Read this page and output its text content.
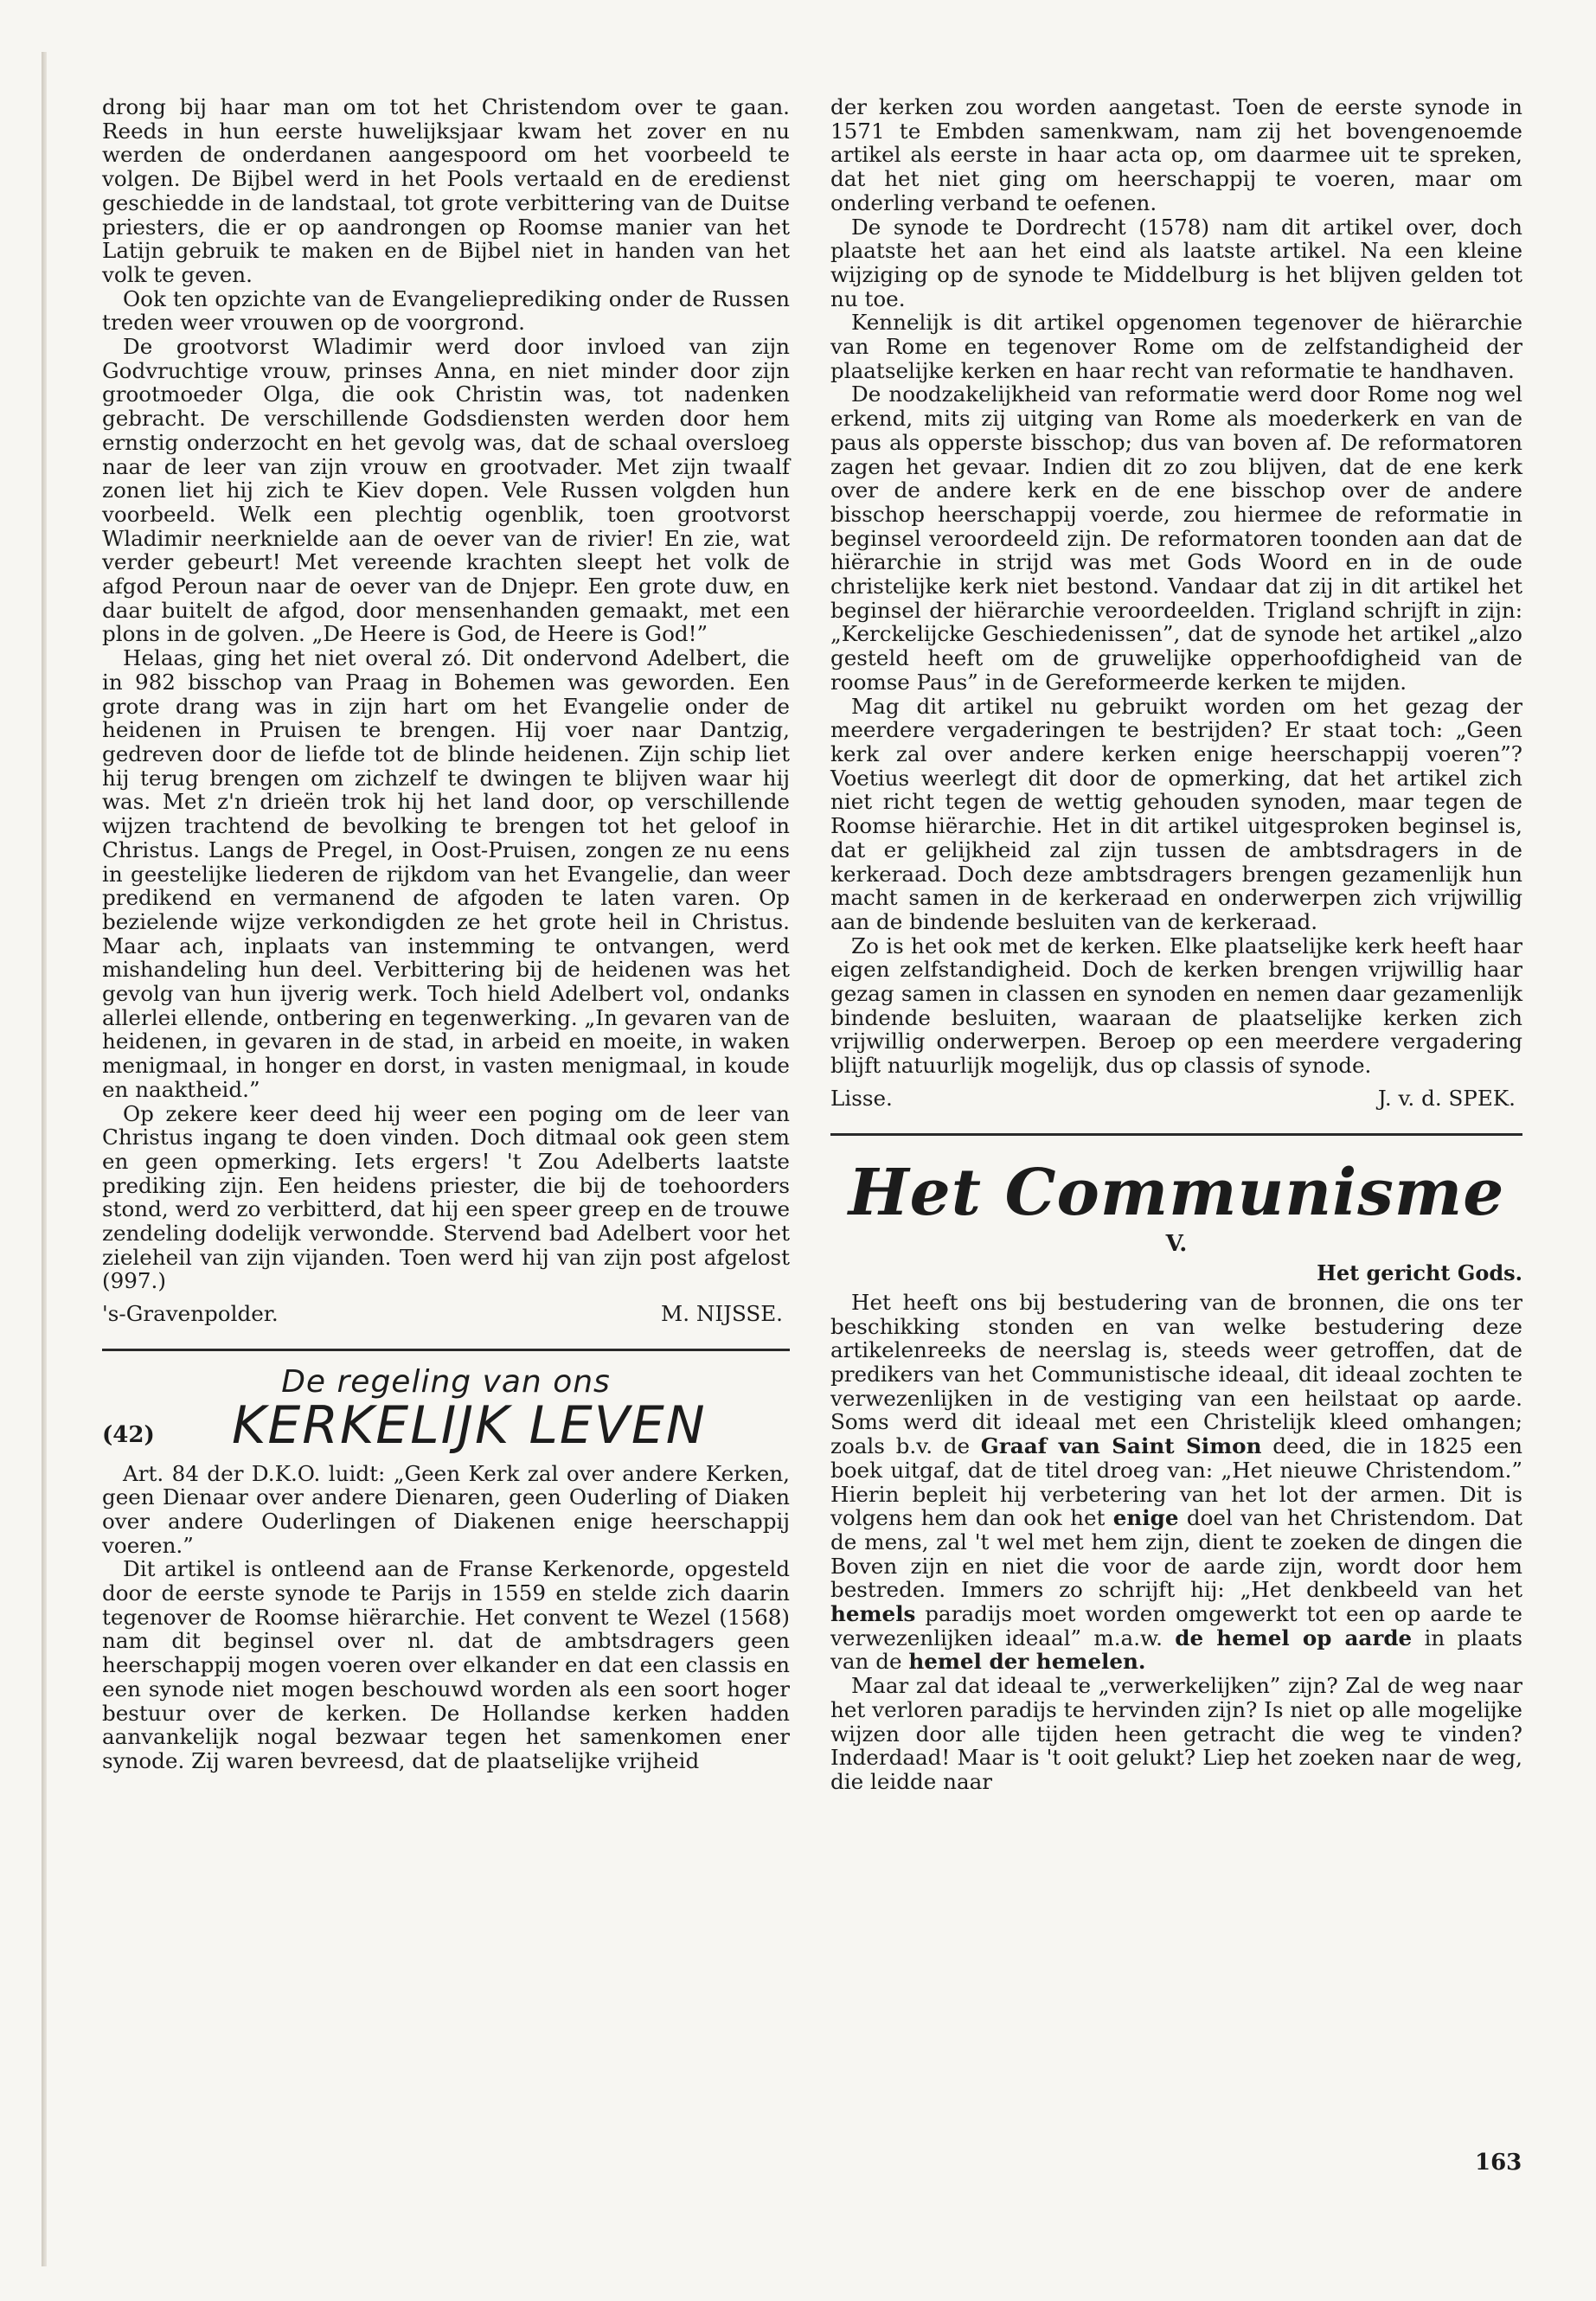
drong bij haar man om tot het Christendom over te gaan. Reeds in hun eerste huwelijksjaar kwam het zover en nu werden de onderdanen aangespoord om het voorbeeld te volgen. De Bijbel werd in het Pools vertaald en de eredienst geschiedde in de landstaal, tot grote verbittering van de Duitse priesters, die er op aandrongen op Roomse manier van het Latijn gebruik te maken en de Bijbel niet in handen van het volk te geven.

Ook ten opzichte van de Evangelieprediking onder de Russen treden weer vrouwen op de voorgrond.

De grootvorst Wladimir werd door invloed van zijn Godvruchtige vrouw, prinses Anna, en niet minder door zijn grootmoeder Olga, die ook Christin was, tot nadenken gebracht. De verschillende Godsdiensten werden door hem ernstig onderzocht en het gevolg was, dat de schaal oversloeg naar de leer van zijn vrouw en grootvader. Met zijn twaalf zonen liet hij zich te Kiev dopen. Vele Russen volgden hun voorbeeld. Welk een plechtig ogenblik, toen grootvorst Wladimir neerknielde aan de oever van de rivier! En zie, wat verder gebeurt! Met vereende krachten sleept het volk de afgod Peroun naar de oever van de Dnjepr. Een grote duw, en daar buitelt de afgod, door mensenhanden gemaakt, met een plons in de golven. „De Heere is God, de Heere is God!”

Helaas, ging het niet overal zó. Dit ondervond Adelbert, die in 982 bisschop van Praag in Bohemen was geworden. Een grote drang was in zijn hart om het Evangelie onder de heidenen in Pruisen te brengen. Hij voer naar Dantzig, gedreven door de liefde tot de blinde heidenen. Zijn schip liet hij terug brengen om zichzelf te dwingen te blijven waar hij was. Met z'n drieën trok hij het land door, op verschillende wijzen trachtend de bevolking te brengen tot het geloof in Christus. Langs de Pregel, in Oost-Pruisen, zongen ze nu eens in geestelijke liederen de rijkdom van het Evangelie, dan weer predikend en vermanend de afgoden te laten varen. Op bezielende wijze verkondigden ze het grote heil in Christus. Maar ach, inplaats van instemming te ontvangen, werd mishandeling hun deel. Verbittering bij de heidenen was het gevolg van hun ijverig werk. Toch hield Adelbert vol, ondanks allerlei ellende, ontbering en tegenwerking. „In gevaren van de heidenen, in gevaren in de stad, in arbeid en moeite, in waken menigmaal, in honger en dorst, in vasten menigmaal, in koude en naaktheid.”

Op zekere keer deed hij weer een poging om de leer van Christus ingang te doen vinden. Doch ditmaal ook geen stem en geen opmerking. Iets ergers! 't Zou Adelberts laatste prediking zijn. Een heidens priester, die bij de toehoorders stond, werd zo verbitterd, dat hij een speer greep en de trouwe zendeling dodelijk verwondde. Stervend bad Adelbert voor het zieleheil van zijn vijanden. Toen werd hij van zijn post afgelost (997.)

's-Gravenpolder.	M. NIJSSE.
De regeling van ons
(42)	KERKELIJK LEVEN

Art. 84 der D.K.O. luidt: „Geen Kerk zal over andere Kerken, geen Dienaar over andere Dienaren, geen Ouderling of Diaken over andere Ouderlingen of Diakenen enige heerschappij voeren.”

Dit artikel is ontleend aan de Franse Kerkenorde, opgesteld door de eerste synode te Parijs in 1559 en stelde zich daarin tegenover de Roomse hiërarchie. Het convent te Wezel (1568) nam dit beginsel over nl. dat de ambtsdragers geen heerschappij mogen voeren over elkander en dat een classis en een synode niet mogen beschouwd worden als een soort hoger bestuur over de kerken. De Hollandse kerken hadden aanvankelijk nogal bezwaar tegen het samenkomen ener synode. Zij waren bevreesd, dat de plaatselijke vrijheid

der kerken zou worden aangetast. Toen de eerste synode in 1571 te Embden samenkwam, nam zij het bovengenoemde artikel als eerste in haar acta op, om daarmee uit te spreken, dat het niet ging om heerschappij te voeren, maar om onderling verband te oefenen.

De synode te Dordrecht (1578) nam dit artikel over, doch plaatste het aan het eind als laatste artikel. Na een kleine wijziging op de synode te Middelburg is het blijven gelden tot nu toe.

Kennelijk is dit artikel opgenomen tegenover de hiërarchie van Rome en tegenover Rome om de zelfstandigheid der plaatselijke kerken en haar recht van reformatie te handhaven.

De noodzakelijkheid van reformatie werd door Rome nog wel erkend, mits zij uitging van Rome als moederkerk en van de paus als opperste bisschop; dus van boven af. De reformatoren zagen het gevaar. Indien dit zo zou blijven, dat de ene kerk over de andere kerk en de ene bisschop over de andere bisschop heerschappij voerde, zou hiermee de reformatie in beginsel veroordeeld zijn. De reformatoren toonden aan dat de hiërarchie in strijd was met Gods Woord en in de oude christelijke kerk niet bestond. Vandaar dat zij in dit artikel het beginsel der hiërarchie veroordeelden. Trigland schrijft in zijn: „Kerckelijcke Geschiedenissen”, dat de synode het artikel „alzo gesteld heeft om de gruwelijke opperhoofdigheid van de roomse Paus” in de Gereformeerde kerken te mijden.

Mag dit artikel nu gebruikt worden om het gezag der meerdere vergaderingen te bestrijden? Er staat toch: „Geen kerk zal over andere kerken enige heerschappij voeren”? Voetius weerlegt dit door de opmerking, dat het artikel zich niet richt tegen de wettig gehouden synoden, maar tegen de Roomse hiërarchie. Het in dit artikel uitgesproken beginsel is, dat er gelijkheid zal zijn tussen de ambtsdragers in de kerkeraad. Doch deze ambtsdragers brengen gezamenlijk hun macht samen in de kerkeraad en onderwerpen zich vrijwillig aan de bindende besluiten van de kerkeraad.

Zo is het ook met de kerken. Elke plaatselijke kerk heeft haar eigen zelfstandigheid. Doch de kerken brengen vrijwillig haar gezag samen in classen en synoden en nemen daar gezamenlijk bindende besluiten, waaraan de plaatselijke kerken zich vrijwillig onderwerpen. Beroep op een meerdere vergadering blijft natuurlijk mogelijk, dus op classis of synode.

Lisse.	J. v. d. SPEK.
Het Communisme
V.
Het gericht Gods.

Het heeft ons bij bestudering van de bronnen, die ons ter beschikking stonden en van welke bestudering deze artikelenreeks de neerslag is, steeds weer getroffen, dat de predikers van het Communistische ideaal, dit ideaal zochten te verwezenlijken in de vestiging van een heilstaat op aarde. Soms werd dit ideaal met een Christelijk kleed omhangen; zoals b.v. de Graaf van Saint Simon deed, die in 1825 een boek uitgaf, dat de titel droeg van: „Het nieuwe Christendom.” Hierin bepleit hij verbetering van het lot der armen. Dit is volgens hem dan ook het enige doel van het Christendom. Dat de mens, zal 't wel met hem zijn, dient te zoeken de dingen die Boven zijn en niet die voor de aarde zijn, wordt door hem bestreden. Immers zo schrijft hij: „Het denkbeeld van het hemels paradijs moet worden omgewerkt tot een op aarde te verwezenlijken ideaal” m.a.w. de hemel op aarde in plaats van de hemel der hemelen.

Maar zal dat ideaal te „verwerkelijken” zijn? Zal de weg naar het verloren paradijs te hervinden zijn? Is niet op alle mogelijke wijzen door alle tijden heen getracht die weg te vinden? Inderdaad! Maar is 't ooit gelukt? Liep het zoeken naar de weg, die leidde naar

163
